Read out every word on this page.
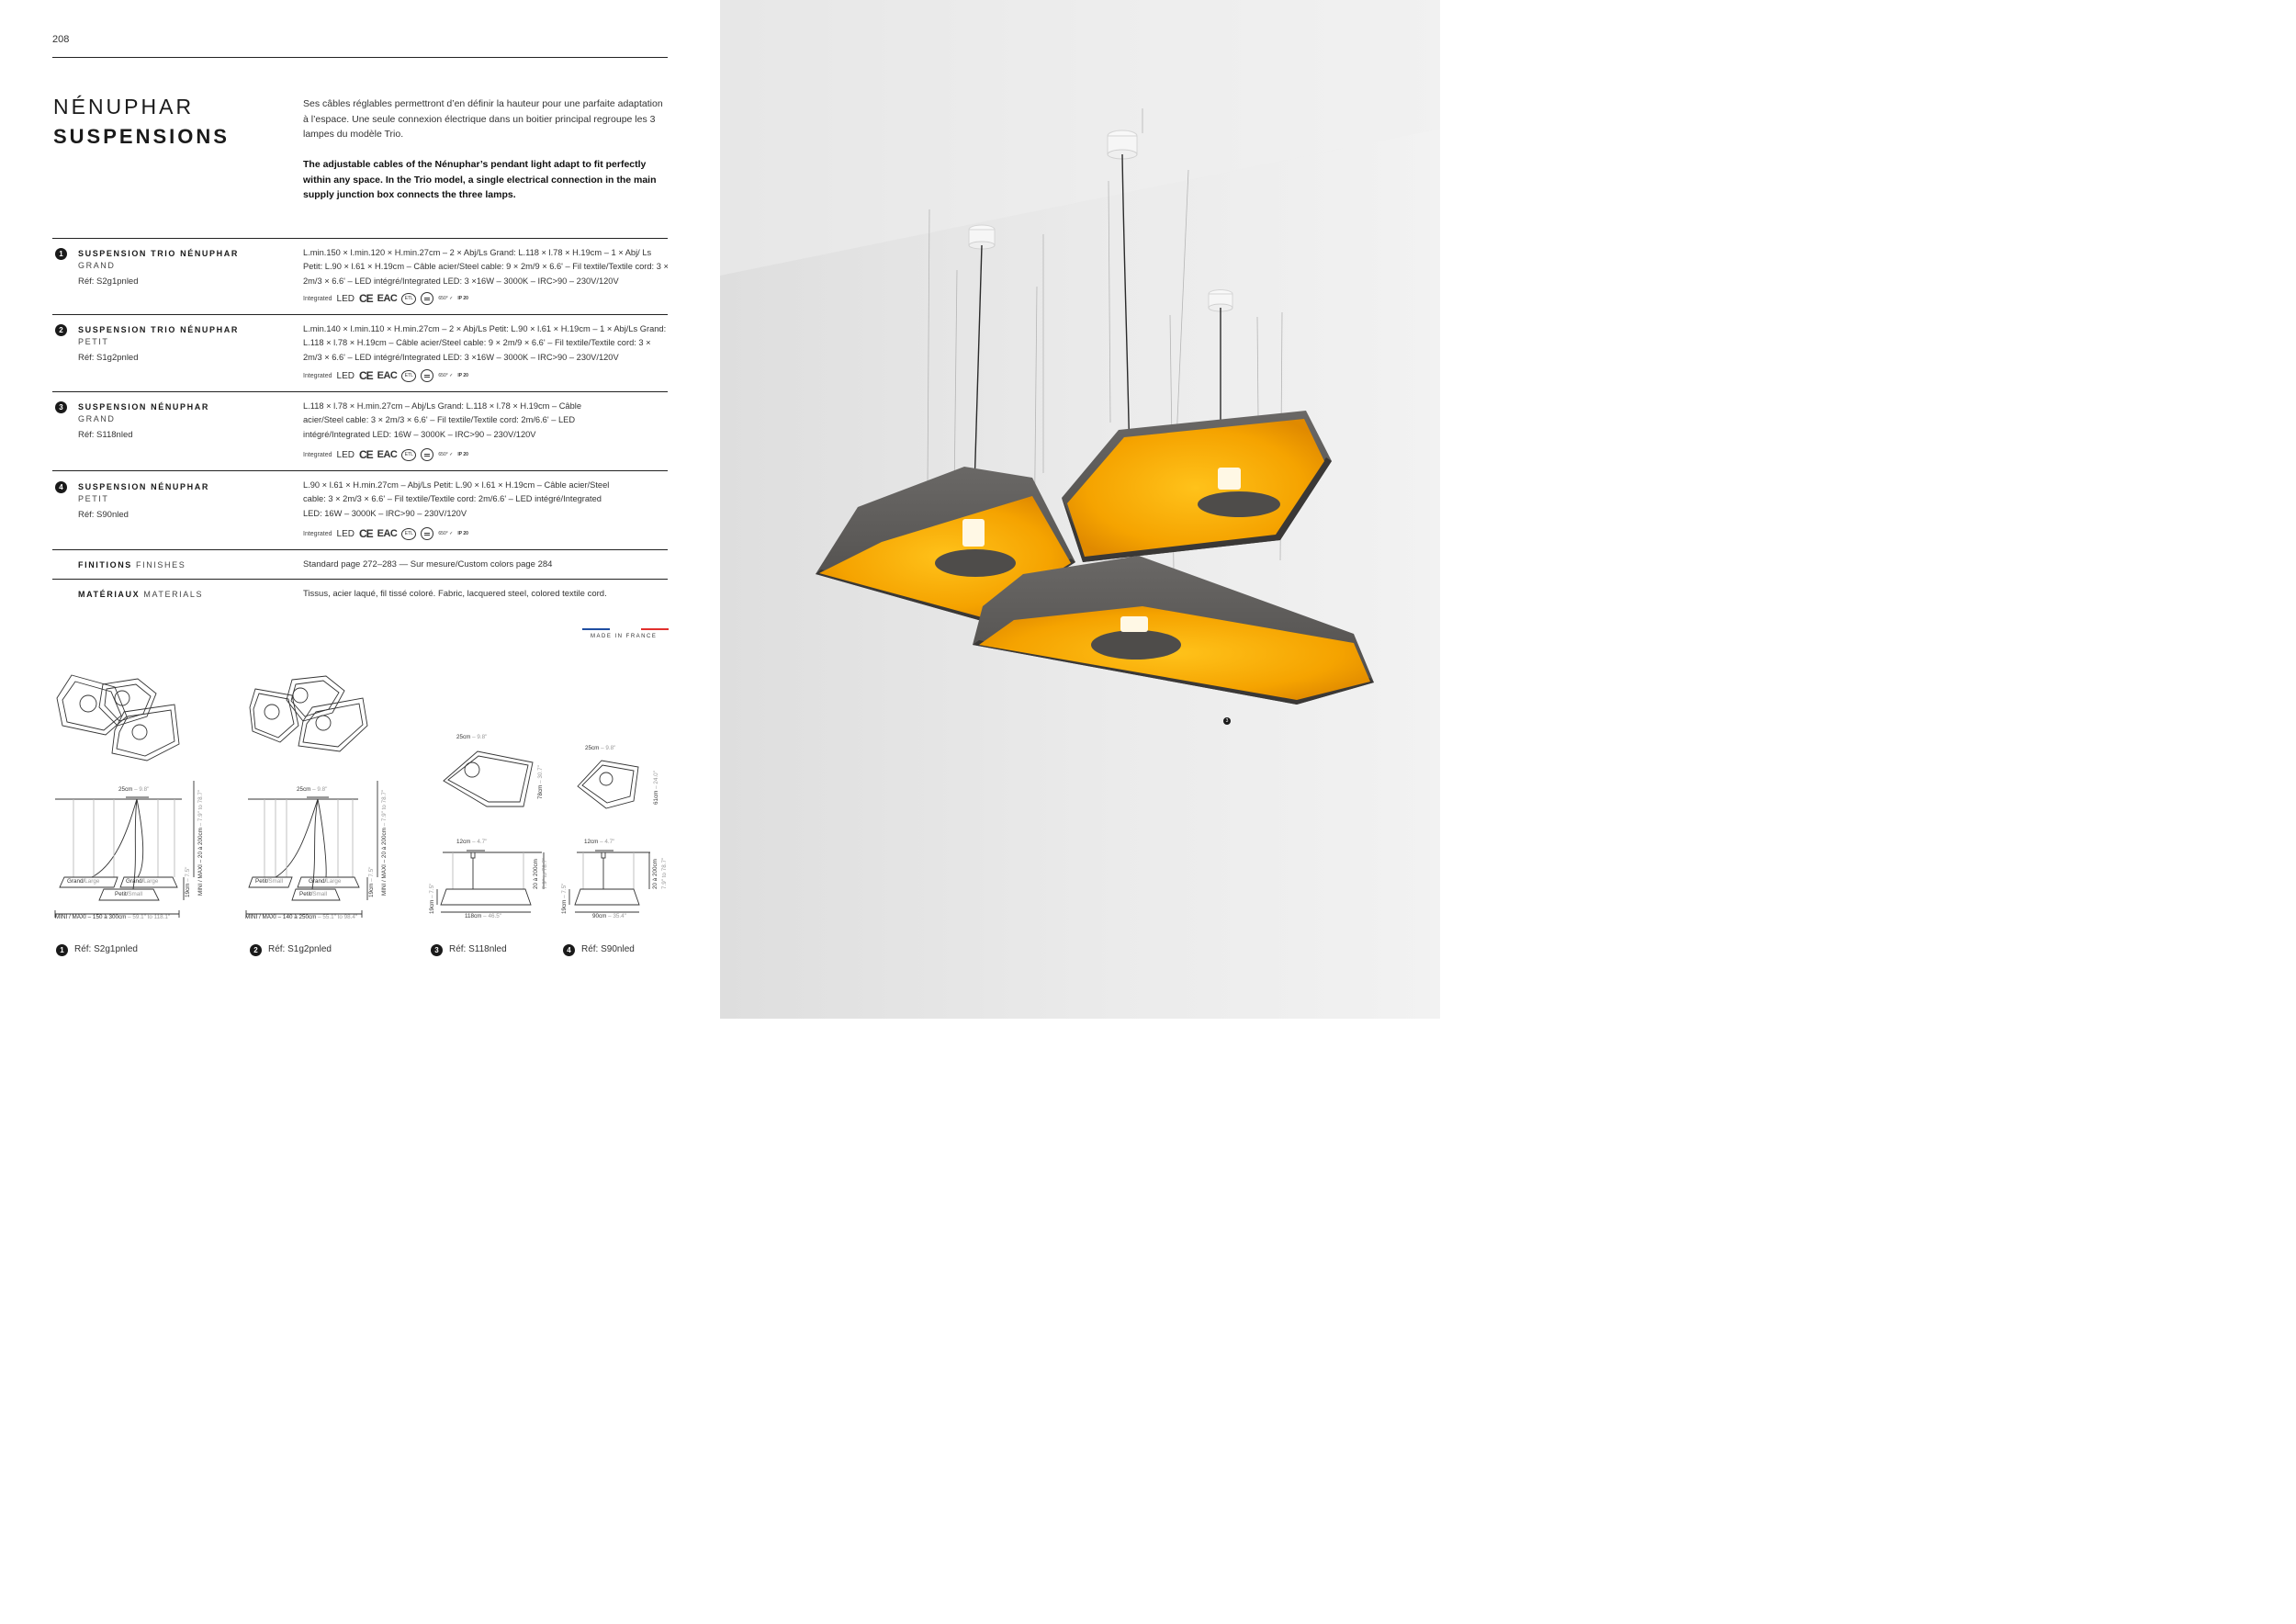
208
NÉNUPHAR
SUSPENSIONS
Ses câbles réglables permettront d’en définir la hauteur pour une parfaite adaptation à l’espace. Une seule connexion électrique dans un boitier principal regroupe les 3 lampes du modèle Trio.
The adjustable cables of the Nénuphar’s pendant light adapt to fit perfectly within any space. In the Trio model, a single electrical connection in the main supply junction box connects the three lamps.
1	SUSPENSION TRIO NÉNUPHAR
GRAND
Réf: S2g1pnled
L.min.150 × l.min.120 × H.min.27cm – 2 × Abj/Ls Grand: L.118 × l.78 × H.19cm – 1 × Abj/ Ls Petit: L.90 × l.61 × H.19cm – Câble acier/Steel cable: 9 × 2m/9 × 6.6' – Fil textile/Textile cord: 3 × 2m/3 × 6.6' – LED intégré/Integrated LED: 3 ×16W – 3000K – IRC>90 – 230V/120V
Integrated LED CE EAC	ETL	650° ✓ IP 20
2	SUSPENSION TRIO NÉNUPHAR
PETIT
Réf: S1g2pnled
L.min.140 × l.min.110 × H.min.27cm – 2 × Abj/Ls Petit: L.90 × l.61 × H.19cm – 1 × Abj/Ls Grand: L.118 × l.78 × H.19cm – Câble acier/Steel cable: 9 × 2m/9 × 6.6' – Fil textile/Textile cord: 3 × 2m/3 × 6.6' – LED intégré/Integrated LED: 3 ×16W – 3000K – IRC>90 – 230V/120V
Integrated LED CE EAC	ETL	650° ✓ IP 20
3	SUSPENSION NÉNUPHAR
GRAND
Réf: S118nled
L.118 × l.78 × H.min.27cm – Abj/Ls Grand: L.118 × l.78 × H.19cm – Câble acier/Steel cable: 3 × 2m/3 × 6.6' – Fil textile/Textile cord: 2m/6.6' – LED intégré/Integrated LED: 16W – 3000K – IRC>90 – 230V/120V
Integrated LED CE EAC	ETL	650° ✓ IP 20
4	SUSPENSION NÉNUPHAR
PETIT
Réf: S90nled
L.90 × l.61 × H.min.27cm – Abj/Ls Petit: L.90 × l.61 × H.19cm – Câble acier/Steel cable: 3 × 2m/3 × 6.6' – Fil textile/Textile cord: 2m/6.6' – LED intégré/Integrated LED: 16W – 3000K – IRC>90 – 230V/120V
Integrated LED CE EAC	ETL	650° ✓ IP 20
FINITIONS FINISHES	Standard page 272–283 — Sur mesure/Custom colors page 284
MATÉRIAUX MATERIALS	Tissus, acier laqué, fil tissé coloré. Fabric, lacquered steel, colored textile cord.
MADE IN FRANCE
25cm – 9.8"
MINI / MAXI – 20 à 200cm – 7.9" to 78.7"
19cm – 7.5"
Grand/Large	Grand/Large
Petit/Small
MINI / MAXI – 150 à 300cm – 59.1" to 118.1"
25cm – 9.8"
MINI / MAXI – 20 à 200cm – 7.9" to 78.7"
19cm – 7.5"
Petit/Small	Grand/Large
Petit/Small
MINI / MAXI – 140 à 250cm – 55.1" to 98.4"
25cm – 9.8"
78cm – 30.7"
12cm – 4.7"
20 à 200cm 7.9" to 78.7"
19cm – 7.5"
118cm – 46.5"
25cm – 9.8"
61cm – 24.0"
12cm – 4.7"
20 à 200cm 7.9" to 78.7"
19cm – 7.5"
90cm – 35.4"
1	Réf: S2g1pnled	2	Réf: S1g2pnled	3	Réf: S118nled	4	Réf: S90nled
3
